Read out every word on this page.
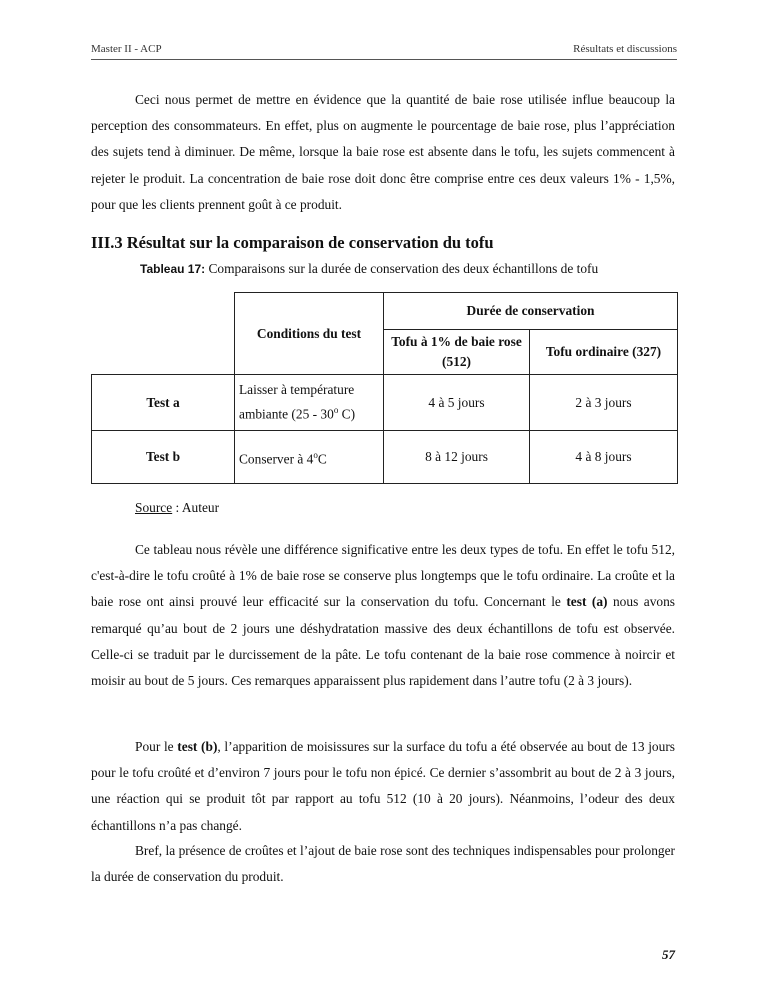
Master II - ACP	Résultats et discussions

Ceci nous permet de mettre en évidence que la quantité de baie rose utilisée influe beaucoup la perception des consommateurs. En effet, plus on augmente le pourcentage de baie rose, plus l’appréciation des sujets tend à diminuer. De même, lorsque la baie rose est absente dans le tofu, les sujets commencent à rejeter le produit. La concentration de baie rose doit donc être comprise entre ces deux valeurs 1% - 1,5%, pour que les clients prennent goût à ce produit.

III.3 Résultat sur la comparaison de conservation du tofu
Tableau 17: Comparaisons sur la durée de conservation des deux échantillons de tofu
	Conditions du test	Durée de conservation	
		Tofu à 1% de baie rose (512)	Tofu ordinaire (327)
Test a	Laisser à température ambiante (25 - 30$^o$ C)	4 à 5 jours	2 à 3 jours
Test b	Conserver à 4$^o$C	8 à 12 jours	4 à 8 jours
Source : Auteur

Ce tableau nous révèle une différence significative entre les deux types de tofu. En effet le tofu 512, c'est-à-dire le tofu croûté à 1% de baie rose se conserve plus longtemps que le tofu ordinaire. La croûte et la baie rose ont ainsi prouvé leur efficacité sur la conservation du tofu. Concernant le test (a) nous avons remarqué qu’au bout de 2 jours une déshydratation massive des deux échantillons de tofu est observée. Celle-ci se traduit par le durcissement de la pâte. Le tofu contenant de la baie rose commence à noircir et moisir au bout de 5 jours. Ces remarques apparaissent plus rapidement dans l’autre tofu (2 à 3 jours).

Pour le test (b), l’apparition de moisissures sur la surface du tofu a été observée au bout de 13 jours pour le tofu croûté et d’environ 7 jours pour le tofu non épicé. Ce dernier s’assombrit au bout de 2 à 3 jours, une réaction qui se produit tôt par rapport au tofu 512 (10 à 20 jours). Néanmoins, l’odeur des deux échantillons n’a pas changé.

Bref, la présence de croûtes et l’ajout de baie rose sont des techniques indispensables pour prolonger la durée de conservation du produit.

57
